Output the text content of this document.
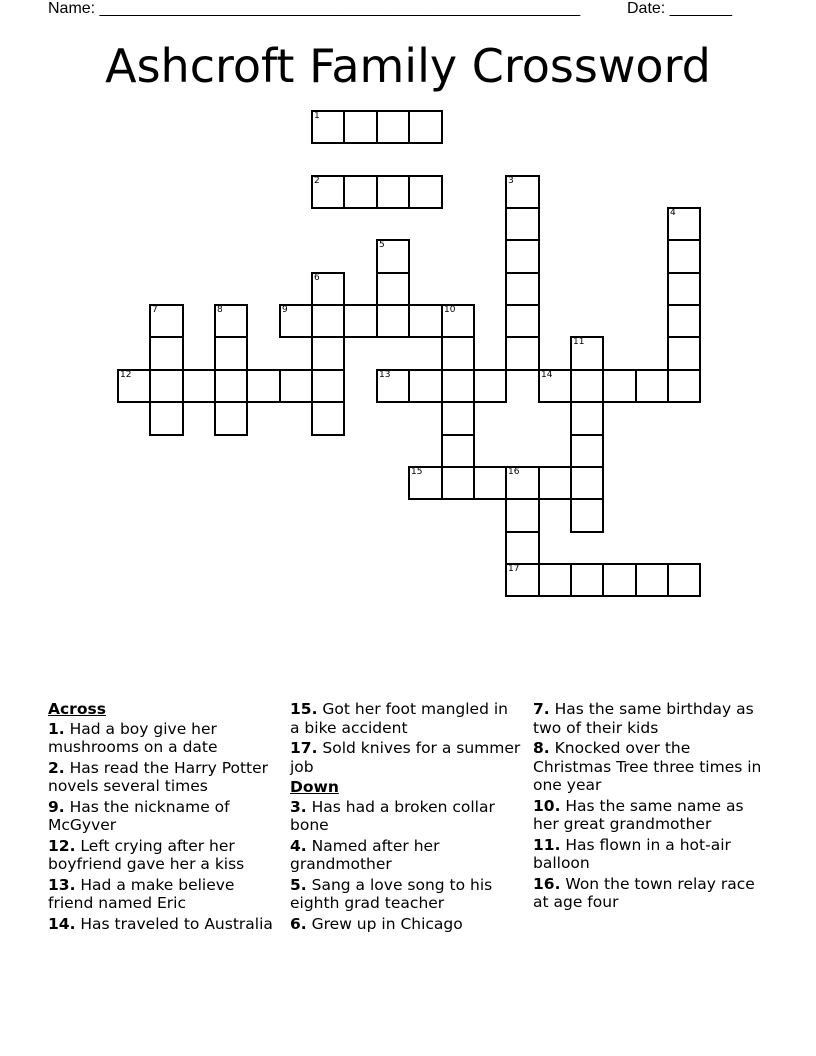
Name: ______________________________________________________	Date: _______
Ashcroft Family Crossword
1
2	3
4
5
6
7	8	9	10
11
12	13	14
15	16
17
Across
1. Had a boy give her mushrooms on a date
2. Has read the Harry Potter novels several times
9. Has the nickname of McGyver
12. Left crying after her boyfriend gave her a kiss
13. Had a make believe friend named Eric
14. Has traveled to Australia
15. Got her foot mangled in a bike accident
17. Sold knives for a summer job
Down
3. Has had a broken collar bone
4. Named after her grandmother
5. Sang a love song to his eighth grad teacher
6. Grew up in Chicago
7. Has the same birthday as two of their kids
8. Knocked over the Christmas Tree three times in one year
10. Has the same name as her great grandmother
11. Has flown in a hot-air balloon
16. Won the town relay race at age four
